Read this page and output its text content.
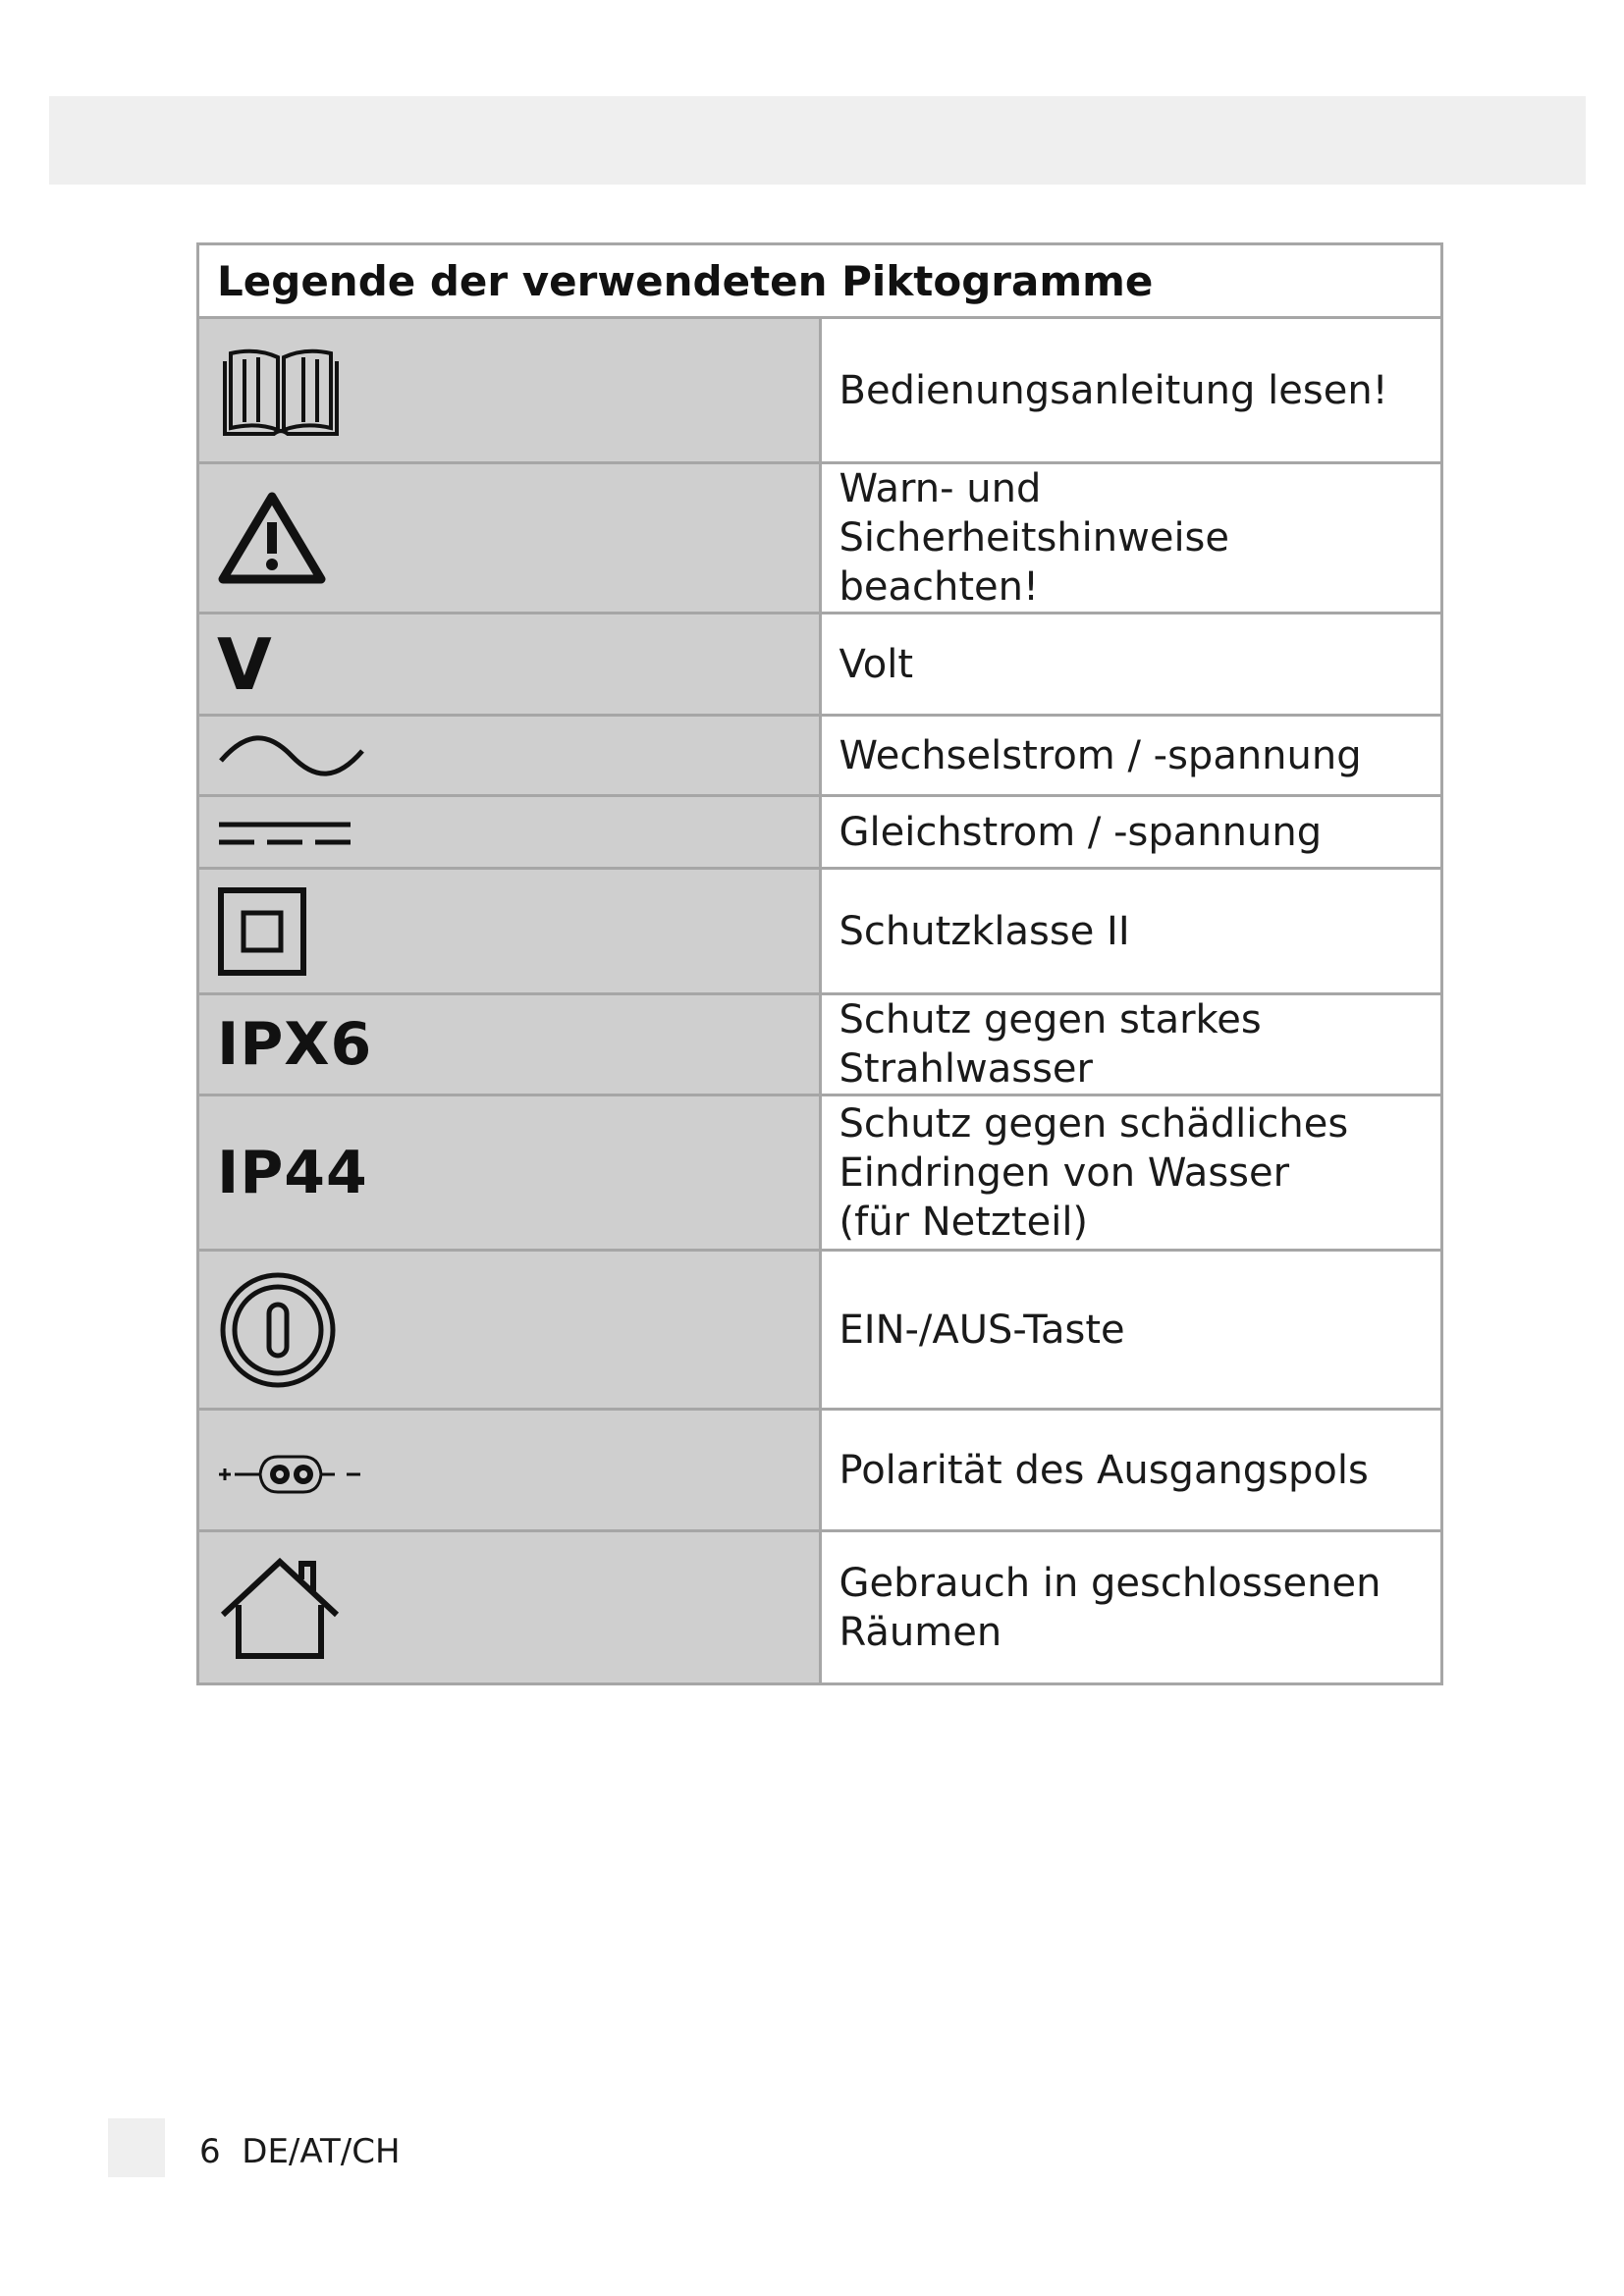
Legende der verwendeten Piktogramme	

	Bedienungsanleitung lesen!

	Warn- und Sicherheitshinweise beachten!

V	Volt

	Wechselstrom / -spannung

	Gleichstrom / -spannung

	Schutzklasse II

IPX6	Schutz gegen starkes Strahlwasser

IP44	Schutz gegen schädliches Eindringen von Wasser
(für Netzteil)

	EIN-/AUS-Taste

	Polarität des Ausgangspols

	Gebrauch in geschlossenen Räumen
6 DE/AT/CH
